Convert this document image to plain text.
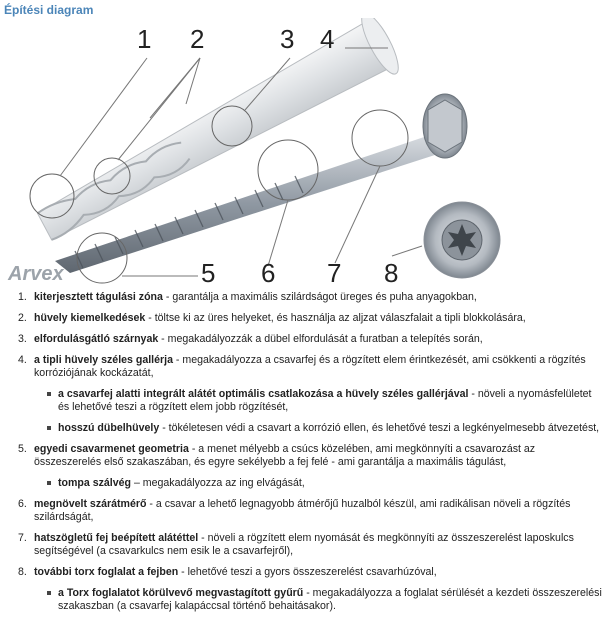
Építési diagram
1 2	3 4
5 6 7 8
Arvex
1. kiterjesztett tágulási zóna - garantálja a maximális szilárdságot üreges és puha anyagokban,
2. hüvely kiemelkedések - töltse ki az üres helyeket, és használja az aljzat válaszfalait a tipli blokkolására,
3. elfordulásgátló szárnyak - megakadályozzák a dübel elfordulását a furatban a telepítés során,
4. a tipli hüvely széles gallérja - megakadályozza a csavarfej és a rögzített elem érintkezését, ami csökkenti a rögzítés korróziójának kockázatát,
a csavarfej alatti integrált alátét optimális csatlakozása a hüvely széles gallérjával - növeli a nyomásfelületet és lehetővé teszi a rögzített elem jobb rögzítését,
hosszú dübelhüvely - tökéletesen védi a csavart a korrózió ellen, és lehetővé teszi a legkényelmesebb átvezetést,
5. egyedi csavarmenet geometria - a menet mélyebb a csúcs közelében, ami megkönnyíti a csavarozást az összeszerelés első szakaszában, és egyre sekélyebb a fej felé - ami garantálja a maximális tágulást,
tompa szálvég – megakadályozza az ing elvágását,
6. megnövelt szárátmérő - a csavar a lehető legnagyobb átmérőjű huzalból készül, ami radikálisan növeli a rögzítés szilárdságát,
7. hatszögletű fej beépített alátéttel - növeli a rögzített elem nyomását és megkönnyíti az összeszerelést laposkulcs segítségével (a csavarkulcs nem esik le a csavarfejről),
8. további torx foglalat a fejben - lehetővé teszi a gyors összeszerelést csavarhúzóval,
a Torx foglalatot körülvevő megvastagított gyűrű - megakadályozza a foglalat sérülését a kezdeti összeszerelési szakaszban (a csavarfej kalapáccsal történő behaitásakor).
